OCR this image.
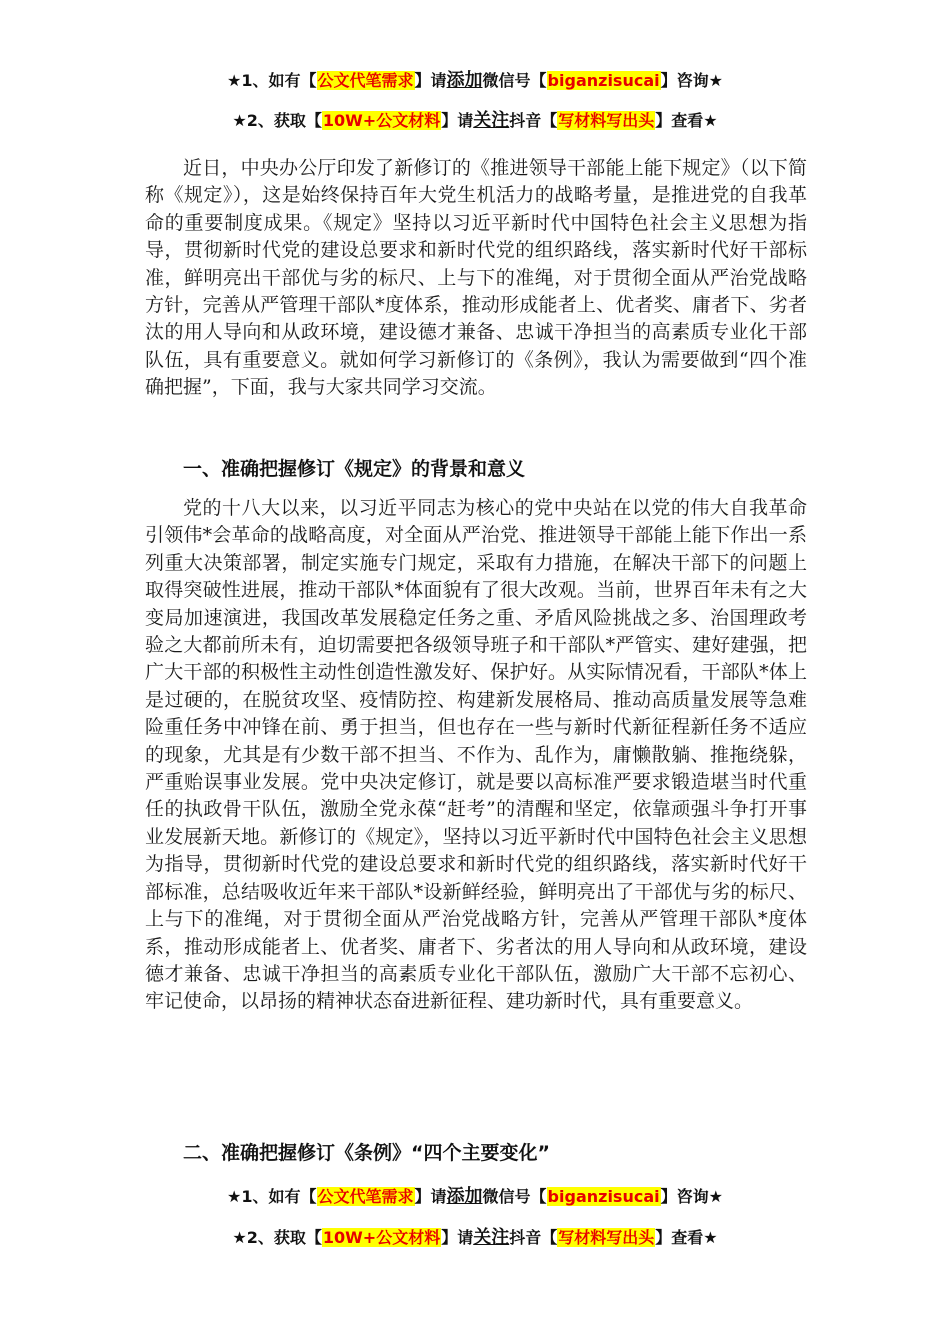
★1、如有【公文代笔需求】请添加微信号【biganzisucai】咨询★
★2、获取【10W+公文材料】请关注抖音【写材料写出头】查看★

近日，中央办公厅印发了新修订的《推进领导干部能上能下规定》（以下简称《规定》），这是始终保持百年大党生机活力的战略考量，是推进党的自我革命的重要制度成果。《规定》坚持以习近平新时代中国特色社会主义思想为指导，贯彻新时代党的建设总要求和新时代党的组织路线，落实新时代好干部标准，鲜明亮出干部优与劣的标尺、上与下的准绳，对于贯彻全面从严治党战略方针，完善从严管理干部队*度体系，推动形成能者上、优者奖、庸者下、劣者汰的用人导向和从政环境，建设德才兼备、忠诚干净担当的高素质专业化干部队伍，具有重要意义。就如何学习新修订的《条例》，我认为需要做到“四个准确把握”，下面，我与大家共同学习交流。

一、准确把握修订《规定》的背景和意义

党的十八大以来，以习近平同志为核心的党中央站在以党的伟大自我革命引领伟*会革命的战略高度，对全面从严治党、推进领导干部能上能下作出一系列重大决策部署，制定实施专门规定，采取有力措施，在解决干部下的问题上取得突破性进展，推动干部队*体面貌有了很大改观。当前，世界百年未有之大变局加速演进，我国改革发展稳定任务之重、矛盾风险挑战之多、治国理政考验之大都前所未有，迫切需要把各级领导班子和干部队*严管实、建好建强，把广大干部的积极性主动性创造性激发好、保护好。从实际情况看，干部队*体上是过硬的，在脱贫攻坚、疫情防控、构建新发展格局、推动高质量发展等急难险重任务中冲锋在前、勇于担当，但也存在一些与新时代新征程新任务不适应的现象，尤其是有少数干部不担当、不作为、乱作为，庸懒散躺、推拖绕躲，严重贻误事业发展。党中央决定修订，就是要以高标准严要求锻造堪当时代重任的执政骨干队伍，激励全党永葆“赶考”的清醒和坚定，依靠顽强斗争打开事业发展新天地。新修订的《规定》，坚持以习近平新时代中国特色社会主义思想为指导，贯彻新时代党的建设总要求和新时代党的组织路线，落实新时代好干部标准，总结吸收近年来干部队*设新鲜经验，鲜明亮出了干部优与劣的标尺、上与下的准绳，对于贯彻全面从严治党战略方针，完善从严管理干部队*度体系，推动形成能者上、优者奖、庸者下、劣者汰的用人导向和从政环境，建设德才兼备、忠诚干净担当的高素质专业化干部队伍，激励广大干部不忘初心、牢记使命，以昂扬的精神状态奋进新征程、建功新时代，具有重要意义。

二、准确把握修订《条例》“四个主要变化”

★1、如有【公文代笔需求】请添加微信号【biganzisucai】咨询★
★2、获取【10W+公文材料】请关注抖音【写材料写出头】查看★
